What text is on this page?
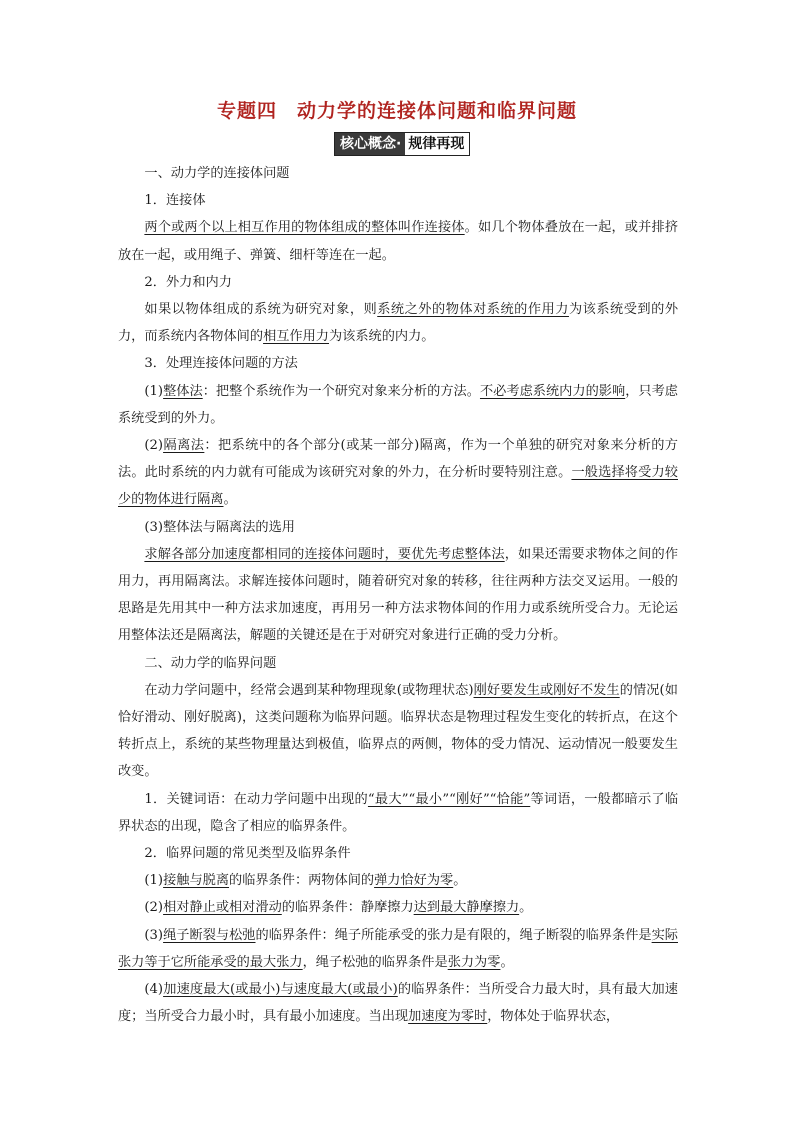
专题四　动力学的连接体问题和临界问题
核心概念· 规律再现

一、动力学的连接体问题

1．连接体

两个或两个以上相互作用的物体组成的整体叫作连接体。如几个物体叠放在一起，或并排挤放在一起，或用绳子、弹簧、细杆等连在一起。

2．外力和内力

如果以物体组成的系统为研究对象，则系统之外的物体对系统的作用力为该系统受到的外力，而系统内各物体间的相互作用力为该系统的内力。

3．处理连接体问题的方法

(1)整体法：把整个系统作为一个研究对象来分析的方法。不必考虑系统内力的影响，只考虑系统受到的外力。

(2)隔离法：把系统中的各个部分(或某一部分)隔离，作为一个单独的研究对象来分析的方法。此时系统的内力就有可能成为该研究对象的外力，在分析时要特别注意。一般选择将受力较少的物体进行隔离。

(3)整体法与隔离法的选用

求解各部分加速度都相同的连接体问题时，要优先考虑整体法，如果还需要求物体之间的作用力，再用隔离法。求解连接体问题时，随着研究对象的转移，往往两种方法交叉运用。一般的思路是先用其中一种方法求加速度，再用另一种方法求物体间的作用力或系统所受合力。无论运用整体法还是隔离法，解题的关键还是在于对研究对象进行正确的受力分析。

二、动力学的临界问题

在动力学问题中，经常会遇到某种物理现象(或物理状态)刚好要发生或刚好不发生的情况(如恰好滑动、刚好脱离)，这类问题称为临界问题。临界状态是物理过程发生变化的转折点，在这个转折点上，系统的某些物理量达到极值，临界点的两侧，物体的受力情况、运动情况一般要发生改变。

1．关键词语：在动力学问题中出现的“最大”“最小”“刚好”“恰能”等词语，一般都暗示了临界状态的出现，隐含了相应的临界条件。

2．临界问题的常见类型及临界条件

(1)接触与脱离的临界条件：两物体间的弹力恰好为零。

(2)相对静止或相对滑动的临界条件：静摩擦力达到最大静摩擦力。

(3)绳子断裂与松弛的临界条件：绳子所能承受的张力是有限的，绳子断裂的临界条件是实际张力等于它所能承受的最大张力，绳子松弛的临界条件是张力为零。

(4)加速度最大(或最小)与速度最大(或最小)的临界条件：当所受合力最大时，具有最大加速度；当所受合力最小时，具有最小加速度。当出现加速度为零时，物体处于临界状态，
